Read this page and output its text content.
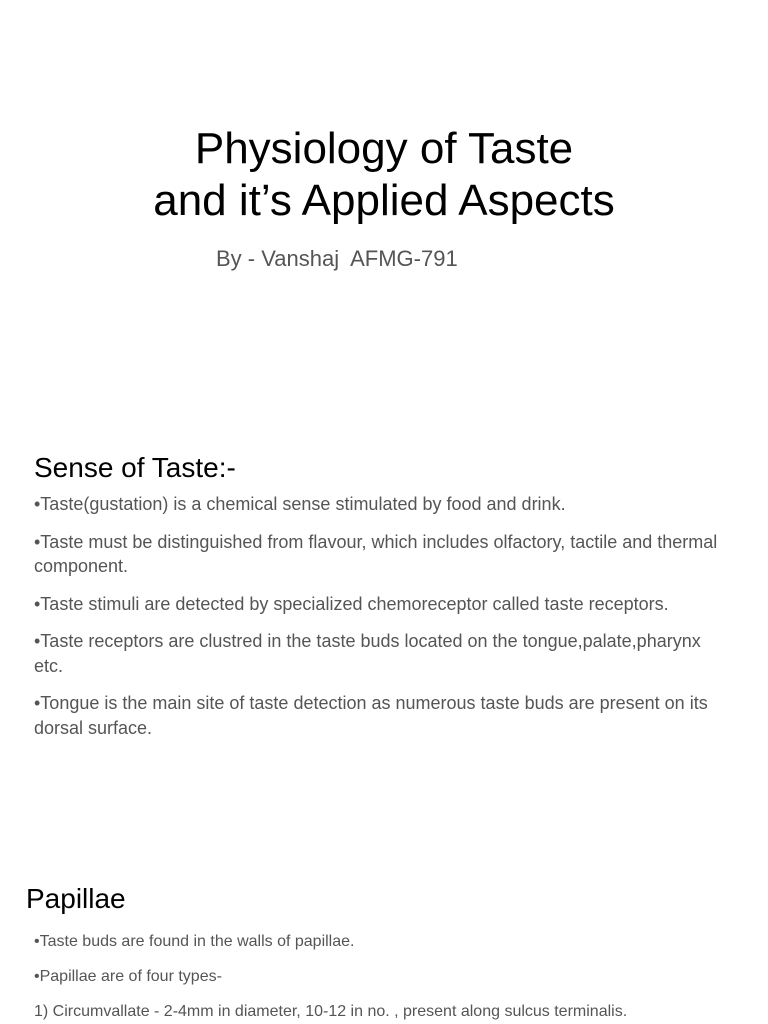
Physiology of Taste
and it’s Applied Aspects

By - Vanshaj  AFMG-791

Sense of Taste:-
•Taste(gustation) is a chemical sense stimulated by food and drink.
•Taste must be distinguished from flavour, which includes olfactory, tactile and thermal component.
•Taste stimuli are detected by specialized chemoreceptor called taste receptors.
•Taste receptors are clustred in the taste buds located on the tongue,palate,pharynx etc.
•Tongue is the main site of taste detection as numerous taste buds are present on its dorsal surface.
Papillae
•Taste buds are found in the walls of papillae.
•Papillae are of four types-
1) Circumvallate - 2-4mm in diameter, 10-12 in no. , present along sulcus terminalis.
